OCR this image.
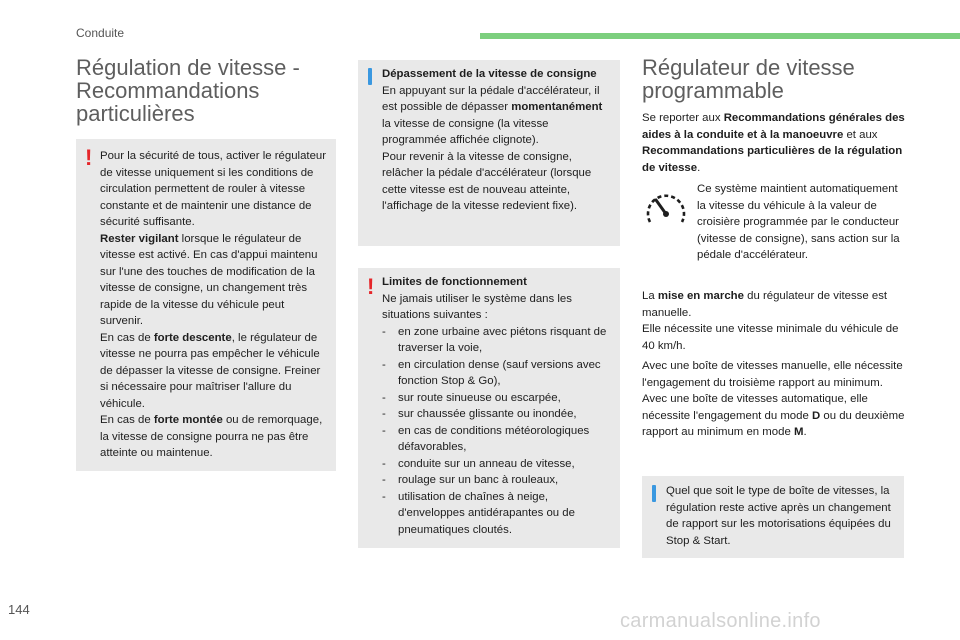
Conduite
Régulation de vitesse - Recommandations particulières
! Pour la sécurité de tous, activer le régulateur de vitesse uniquement si les conditions de circulation permettent de rouler à vitesse constante et de maintenir une distance de sécurité suffisante.
Rester vigilant lorsque le régulateur de vitesse est activé. En cas d'appui maintenu sur l'une des touches de modification de la vitesse de consigne, un changement très rapide de la vitesse du véhicule peut survenir.
En cas de forte descente, le régulateur de vitesse ne pourra pas empêcher le véhicule de dépasser la vitesse de consigne. Freiner si nécessaire pour maîtriser l'allure du véhicule.
En cas de forte montée ou de remorquage, la vitesse de consigne pourra ne pas être atteinte ou maintenue.

Dépassement de la vitesse de consigne
En appuyant sur la pédale d'accélérateur, il est possible de dépasser momentanément la vitesse de consigne (la vitesse programmée affichée clignote).
Pour revenir à la vitesse de consigne, relâcher la pédale d'accélérateur (lorsque cette vitesse est de nouveau atteinte, l'affichage de la vitesse redevient fixe).

! Limites de fonctionnement
Ne jamais utiliser le système dans les situations suivantes :

- en zone urbaine avec piétons risquant de traverser la voie,
- en circulation dense (sauf versions avec fonction Stop & Go),
- sur route sinueuse ou escarpée,
- sur chaussée glissante ou inondée,
- en cas de conditions météorologiques défavorables,
- conduite sur un anneau de vitesse,
- roulage sur un banc à rouleaux,
- utilisation de chaînes à neige, d'enveloppes antidérapantes ou de pneumatiques cloutés.
Régulateur de vitesse programmable

Se reporter aux Recommandations générales des aides à la conduite et à la manoeuvre et aux Recommandations particulières de la régulation de vitesse.

Ce système maintient automatiquement la vitesse du véhicule à la valeur de croisière programmée par le conducteur (vitesse de consigne), sans action sur la pédale d'accélérateur.

La mise en marche du régulateur de vitesse est manuelle.
Elle nécessite une vitesse minimale du véhicule de 40 km/h.

Avec une boîte de vitesses manuelle, elle nécessite l'engagement du troisième rapport au minimum.
Avec une boîte de vitesses automatique, elle nécessite l'engagement du mode D ou du deuxième rapport au minimum en mode M.

Quel que soit le type de boîte de vitesses, la régulation reste active après un changement de rapport sur les motorisations équipées du Stop & Start.

144
carmanualsonline.info
